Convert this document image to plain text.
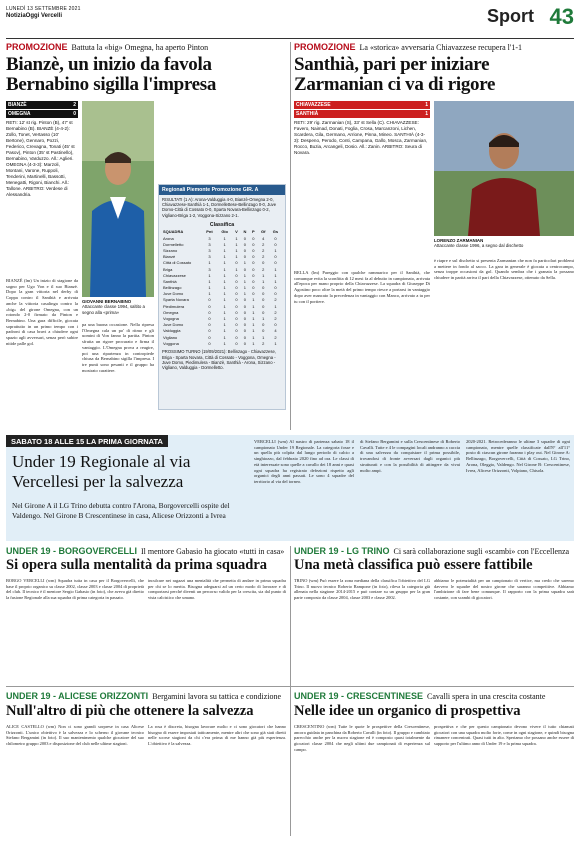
LUNEDÌ 13 SETTEMBRE 2021
NotiziaOggi Vercelli	Sport 43
PROMOZIONE Battuta la «big» Omegna, ha aperto Pinton
Bianzè, un inizio da favola
Bernabino sigilla l'impresa
BIANZÈ	2
OMEGNA	0
RETI: 12' st rig. Pinton (B), 47' st Bernabino (B). BIANZÈ (4-4-2): Zollo, Tonet, Vertasso (10' Bertone), Gennaro, Pozzi, Federico, Crevagna, Tonati (45' st Pasov), Pinton (35' st Pastinello), Bernabino, Varduzzo. All.: Aglieri. OMEGNA (4-3-3): Marzoli, Montani, Varone, Ruppoli, Tenderini, Martinelli, Bassotti, Menegatti, Rigoni, Bianchi. All.: Tallone. ARBITRO: Verdese di Alessandria.
BIANZÈ (lm) Un inizio di stagione da sogno per Ugo Von e il suo Bianzè. Dopo la gran vittoria nel derby di Coppa contro il Santhià e arrivata anche la vittoria casalinga contro la «big» del girone Omegna, con un rotondo 2-0 firmato da Pinton e Bernabino. Una gara difficile, giocata soprattutto in un primo tempo con i padroni di casa bravi a chiudere ogni spazio agli avversari, senza però subire nitide palle gol.
GIOVANNI BERNABINO
Attaccante classe 1994, saltito a segno alla «prima»
pa una buona occasione. Nella ripresa l'Omegna cala un po' di ritmo e gli uomini di Von fanno la partita. Pinton sfrutta un rigore procurato e firma il vantaggio. L'Omegna prova a reagire, poi una ripartenza in contropiede chiusa da Bernabino sigilla l'impresa. I tre punti sono pesanti e il gruppo ha mostrato carattere.
Regionali Piemonte Promozione GIR. A
RISULTATI (1 A): Arona-Valduggia 4-0, Bianzè-Omegna 2-0, Chiavazzese-Santhià 1-1, Dormellettese-Bellinzago 0-0, Juve Domo-Città di Cossato 0-0, Sparta Novara-Bellinzago 0-2, Vigliano-Briga 1-2, Voggona-Sizzano 2-1.
Classifica
SQUADRA	Pnt	Gio	V	N	P	Gf	Gs
Arona	3	1	1	0	0	4	0
Dormelletto	3	1	1	0	0	2	0
Sizzano	3	1	1	0	0	2	1
Bianzè	3	1	1	0	0	2	0
Città di Cossato	1	1	0	1	0	0	0
Briga	3	1	1	0	0	2	1
Chiavazzese	1	1	0	1	0	1	1
Santhià	1	1	0	1	0	1	1
Bellinzago	1	1	0	1	0	0	0
Juve Domo	1	1	0	1	0	0	0
Sparta Novara	0	1	0	0	1	0	2
Piedimulera	0	1	0	0	1	0	1
Omegna	0	1	0	0	1	0	2
Vogogna	0	1	0	0	1	1	2
Juve Domo	0	1	0	0	1	0	0
Valduggia	0	1	0	0	1	0	4
Vigliano	0	1	0	0	1	1	2
Voggona	0	1	0	0	1	2	1
PROSSIMO TURNO (19/09/2021): Bellinzago - Chiavazzese, Briga - Sparta Novara, Città di Cossato - Voggona, Omegna - Juve Domo, Piedimulera - Bianzè, Santhià - Arona, Sizzano - Vigliano, Valduggia - Dormelletto.
PROMOZIONE La «storica» avversaria Chiavazzese recupera l'1-1
Santhià, pari per iniziare
Zarmanian ci va di rigore
CHIAVAZZESE	1
SANTHIÀ	1
RETI: 29' rig. Zarmanian (S), 33' st Sella (C). CHIAVAZZESE: Favero, Naimad, Donati, Foglia, Crosa, Marcanzoni, Lichen, Scardera, Gila, Germano, Arrione, Pinna, Mineo. SANTHIÀ (4-3-3): Despeno, Perodo, Conti, Campana, Gallo, Mosca, Zarmanian, Rocco, Buzia, Arcangeli, Dosio. All.: Zanin. ARBITRO: Seura di Novara.
BELLA (lm) Pareggio con qualche rammarico per il Santhià, che comunque evita la sconfitta di 12 mesi fa al debutto in campionato, arrivata all'epoca per mano proprio della Chiavazzese. La squadra di Giuseppe Di Agostino poco oltre la metà del primo tempo riesce a portarsi in vantaggio dopo aver mancato la precedenza in vantaggio con Manco, arrivato a tu per tu con il portiere.
LORENZO ZARMANIAN
Attaccante classe 1996, a segno dal dischetto
è riapre e sul dischetto si presenta Zarmanian che non fa particolari problemi a mettere in fondo al sacco. La gara in generale è giocata a centrocampo, senza troppe occasioni da gol. Quando sembra che i granata la possano chiudere in parità arriva il pari della Chiavazzese, ottenuto da Sella.
SABATO 18 ALLE 15 LA PRIMA GIORNATA
Under 19 Regionale al via
Vercellesi per la salvezza
Nel Girone A il LG Trino debutta contro l'Arona, Borgovercelli ospite del Valdengo. Nel Girone B Crescentinese in casa, Alicese Orizzonti a Ivrea
VERCELLI (wm) Al nastro di partenza sabato 18 il campionato Under 19 Regionale. La categoria fosse e un quella più colpita dal lungo periodo di calcio a singhiozzo, dal febbraio 2020 fino ad ora. Le classi di età interessate sono quelle a cavallo dei 18 anni e quasi ogni squadra ha registrato defezioni rispetto agli organici degli anni passati. Le sono 4 squadre del territorio al via del torneo.
di Stefano Bergamini e sulla Crescentinese di Roberto Cavalli. Tutte e 4 le compagini locali andranno a caccia di una salvezza da conquistare il prima possibile, trovandosi di fronte avversari dagli organici più strutturati e con la possibilità di attingere da vivai molto ampi.
2020-2021. Retrocederanno le ultime 3 squadre di ogni campionato, mentre quelle classificate dall'8° all'11° posto di ciascun girone faranno i play out. Nel Girone A: Bellinzago, Borgovercelli, Città di Cossato, LG Trino, Arona, Oleggio, Valdengo. Nel Girone B: Crescentinese, Ivrea, Alicese Orizzonti, Volpiano, Chisola.
UNDER 19 - BORGOVERCELLI Il mentore Gabasio ha giocato «tutti in casa»
Si opera sulla mentalità da prima squadra
BORGO VERCELLI (wm) Squadra tutta in casa per il Borgovercelli, che base il proprio organico su classe 2002, classe 2003 e classe 2004 di proprietà del club. Il tecnico è il mentore Sergio Gabasio (in foto), che aveva già diretto la fusione Regionale alla sua squadra di prima categoria in passato.
inculcare nei ragazzi una mentalità che permetta di andare in prima squadra per chi se lo merita. Bisogna adeguarsi ad un certo modo di lavorare e di comportarsi perché diventi un percorso valido per la crescita, sia dal punto di vista calcistico che umano.
UNDER 19 - LG TRINO Ci sarà collaborazione sugli «scambi» con l'Eccellenza
Una metà classifica può essere fattibile
TRINO (wm) Può essere la zona mediana della classifica l'obiettivo del LG Trino. Il nuovo tecnico Roberto Rampone (in foto), rileva la categoria già allenata nella stagione 2014-2015 e può contare su un gruppo per la gran parte composto da classe 2004, classe 2003 e classe 2002.
abbiamo le potenzialità per un campionato di vertice, ma credo che saremo davvero le squadre del nostro girone che saranno competitive. Abbiamo l'ambizione di fare bene comunque. Il rapporto con la prima squadra sarà costante, con scambi di giocatori.
UNDER 19 - ALICESE ORIZZONTI Bergamini lavora su tattica e condizione
Null'altro di più che ottenere la salvezza
ALICE CASTELLO (wm) Non ci sono grandi sorprese in casa Alicese Orizzonti. L'unico obiettivo è la salvezza e lo scherno il giovane tecnico Stefano Bergamini (in foto). Il suo mantenimento qualche giocatore del suo chilometro gruppo 2003 e disposizione del club nelle ultime stagioni.
La rosa è discreta, bisogna lavorare molto e ci sono giocatori che hanno bisogno di essere impostati tatticamente, mentre altri che sono già stati diretti nelle scorse stagioni da chi c'era prima di me hanno già più esperienza. L'obiettivo è la salvezza.
UNDER 19 - CRESCENTINESE Cavalli spera in una crescita costante
Nelle idee un organico di prospettiva
CRESCENTINO (wm) Tutte le quote le prospettive della Crescentinese, ancora guidata in panchina da Roberto Cavalli (in foto). Il gruppo e cambiato parecchio anche per la nuova stagione ed è composto quasi totalmente da giocatori classe 2004 che negli ultimi due campionati di esperienza sul campo.
prospettiva e che per questo campionato devono vivere il tutto chiamati giocatori con una squadra molto forte, come in ogni stagione, e quindi bisogna rimanere concentrati. Quasi tutti in alto. Speriamo che possano anche essere di supporto per l'ultimo anno di Under 19 e la prima squadra.
